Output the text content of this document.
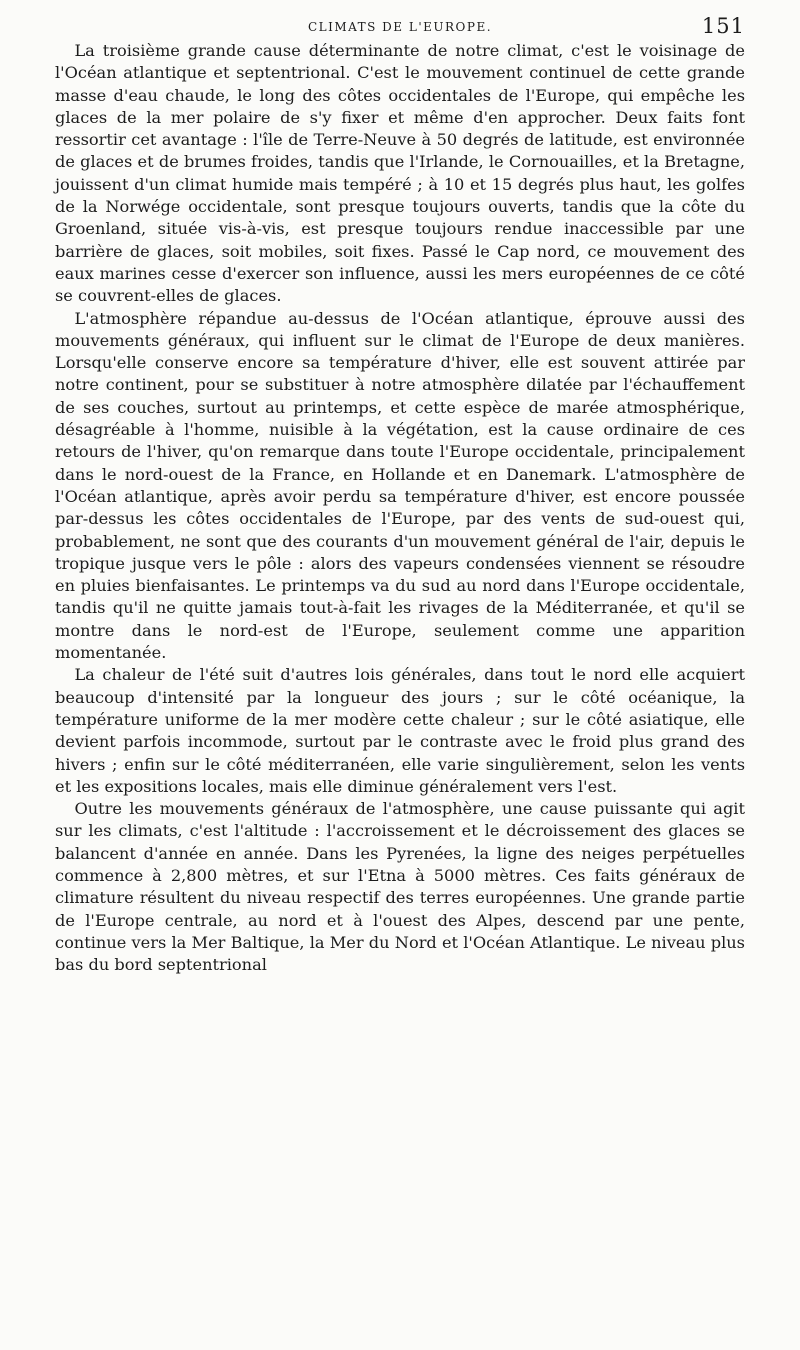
CLIMATS DE L'EUROPE.	151

La troisième grande cause déterminante de notre climat, c'est le voisinage de l'Océan atlantique et septentrional. C'est le mouvement continuel de cette grande masse d'eau chaude, le long des côtes occidentales de l'Europe, qui empêche les glaces de la mer polaire de s'y fixer et même d'en approcher. Deux faits font ressortir cet avantage : l'île de Terre-Neuve à 50 degrés de latitude, est environnée de glaces et de brumes froides, tandis que l'Irlande, le Cornouailles, et la Bretagne, jouissent d'un climat humide mais tempéré ; à 10 et 15 degrés plus haut, les golfes de la Norwége occidentale, sont presque toujours ouverts, tandis que la côte du Groenland, située vis-à-vis, est presque toujours rendue inaccessible par une barrière de glaces, soit mobiles, soit fixes. Passé le Cap nord, ce mouvement des eaux marines cesse d'exercer son influence, aussi les mers européennes de ce côté se couvrent-elles de glaces.

L'atmosphère répandue au-dessus de l'Océan atlantique, éprouve aussi des mouvements généraux, qui influent sur le climat de l'Europe de deux manières. Lorsqu'elle conserve encore sa température d'hiver, elle est souvent attirée par notre continent, pour se substituer à notre atmosphère dilatée par l'échauffement de ses couches, surtout au printemps, et cette espèce de marée atmosphérique, désagréable à l'homme, nuisible à la végétation, est la cause ordinaire de ces retours de l'hiver, qu'on remarque dans toute l'Europe occidentale, principalement dans le nord-ouest de la France, en Hollande et en Danemark. L'atmosphère de l'Océan atlantique, après avoir perdu sa température d'hiver, est encore poussée par-dessus les côtes occidentales de l'Europe, par des vents de sud-ouest qui, probablement, ne sont que des courants d'un mouvement général de l'air, depuis le tropique jusque vers le pôle : alors des vapeurs condensées viennent se résoudre en pluies bienfaisantes. Le printemps va du sud au nord dans l'Europe occidentale, tandis qu'il ne quitte jamais tout-à-fait les rivages de la Méditerranée, et qu'il se montre dans le nord-est de l'Europe, seulement comme une apparition momentanée.

La chaleur de l'été suit d'autres lois générales, dans tout le nord elle acquiert beaucoup d'intensité par la longueur des jours ; sur le côté océanique, la température uniforme de la mer modère cette chaleur ; sur le côté asiatique, elle devient parfois incommode, surtout par le contraste avec le froid plus grand des hivers ; enfin sur le côté méditerranéen, elle varie singulièrement, selon les vents et les expositions locales, mais elle diminue généralement vers l'est.

Outre les mouvements généraux de l'atmosphère, une cause puissante qui agit sur les climats, c'est l'altitude : l'accroissement et le décroissement des glaces se balancent d'année en année. Dans les Pyrenées, la ligne des neiges perpétuelles commence à 2,800 mètres, et sur l'Etna à 5000 mètres. Ces faits généraux de climature résultent du niveau respectif des terres européennes. Une grande partie de l'Europe centrale, au nord et à l'ouest des Alpes, descend par une pente, continue vers la Mer Baltique, la Mer du Nord et l'Océan Atlantique. Le niveau plus bas du bord septentrional
